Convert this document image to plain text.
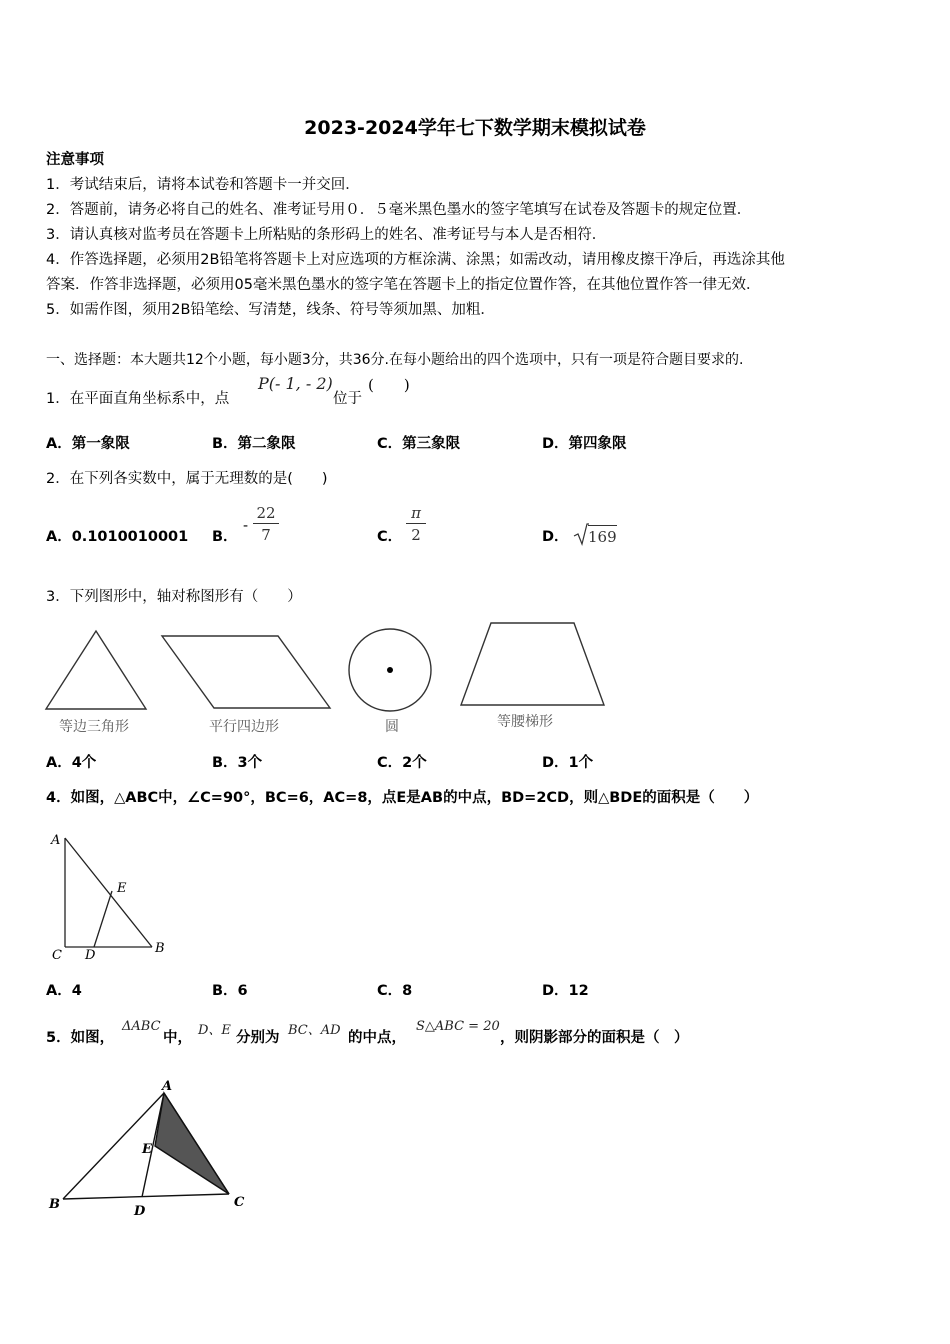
2023-2024学年七下数学期末模拟试卷
注意事项
1．考试结束后，请将本试卷和答题卡一并交回．
2．答题前，请务必将自己的姓名、准考证号用０．５毫米黑色墨水的签字笔填写在试卷及答题卡的规定位置．
3．请认真核对监考员在答题卡上所粘贴的条形码上的姓名、准考证号与本人是否相符．
4．作答选择题，必须用2B铅笔将答题卡上对应选项的方框涂满、涂黑；如需改动，请用橡皮擦干净后，再选涂其他
答案．作答非选择题，必须用05毫米黑色墨水的签字笔在答题卡上的指定位置作答，在其他位置作答一律无效．
5．如需作图，须用2B铅笔绘、写清楚，线条、符号等须加黑、加粗．
一、选择题：本大题共12个小题，每小题3分，共36分.在每小题给出的四个选项中，只有一项是符合题目要求的.
1．在平面直角坐标系中，点
P(- 1, - 2)
位于
(　　)
A．第一象限	B．第二象限	C．第三象限	D．第四象限
2．在下列各实数中，属于无理数的是(　　)
A．0.1010010001 B．
- $\frac{22}{7}$	C． $\frac{\pi}{2}$	D． 169
3．下列图形中，轴对称图形有（　　）
等边三角形	平行四边形	圆	等腰梯形
A．4个	B．3个	C．2个	D．1个
4．如图，△ABC中，∠C=90°，BC=6，AC=8，点E是AB的中点，BD=2CD，则△BDE的面积是（　　）
A
E
C D	B
A．4	B．6	C．8	D．12
5．如图，
ΔABC
中， D、E 分别为 BC、AD 的中点，
S△ABC = 20
，则阴影部分的面积是（　）
A
E
B	D
C
